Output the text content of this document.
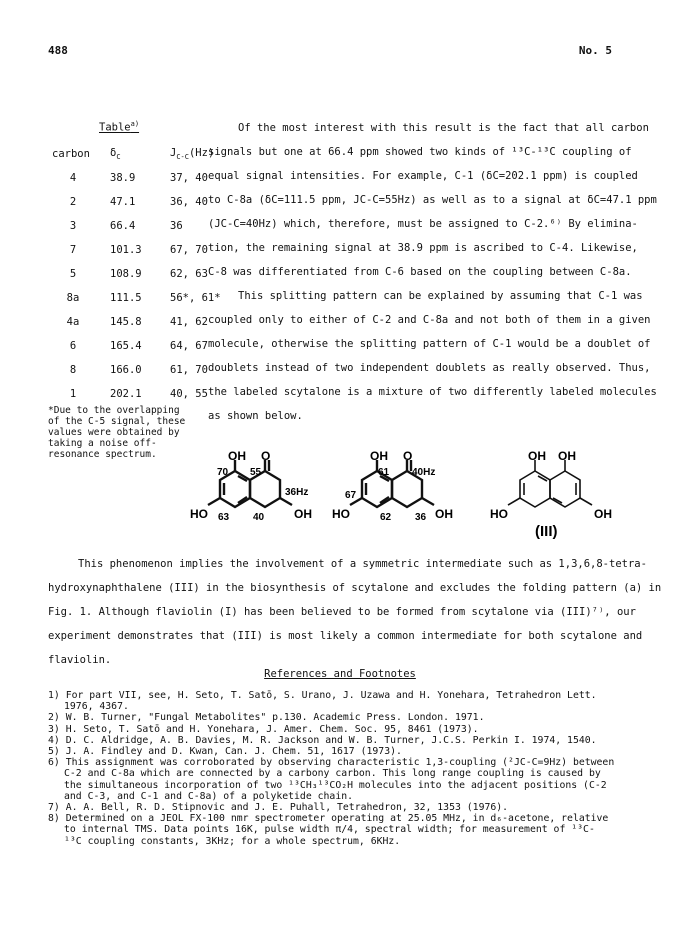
488	No. 5
Table$^{a)}$
carbon	$\delta_C$	$J_{C-C}(Hz)$
4	38.9	37, 40
2	47.1	36, 40
3	66.4	36
7	101.3	67, 70
5	108.9	62, 63
8a	111.5	56*, 61*
4a	145.8	41, 62
6	165.4	64, 67
8	166.0	61, 70
1	202.1	40, 55
*Due to the overlapping
of the C-5 signal, these
values were obtained by
taking a noise off-
resonance spectrum.
Of the most interest with this result is the fact that all carbon
signals but one at 66.4 ppm showed two kinds of ¹³C-¹³C coupling of
equal signal intensities. For example, C-1 (δC=202.1 ppm) is coupled
to C-8a (δC=111.5 ppm, JC-C=55Hz) as well as to a signal at δC=47.1 ppm
(JC-C=40Hz) which, therefore, must be assigned to C-2.⁶⁾ By elimina-
tion, the remaining signal at 38.9 ppm is ascribed to C-4. Likewise,
C-8 was differentiated from C-6 based on the coupling between C-8a.
This splitting pattern can be explained by assuming that C-1 was
coupled only to either of C-2 and C-8a and not both of them in a given
molecule, otherwise the splitting pattern of C-1 would be a doublet of
doublets instead of two independent doublets as really observed. Thus,
the labeled scytalone is a mixture of two differently labeled molecules
as shown below.
OH O
70 55
36Hz
HO 63 40 OH
OH O
61 40Hz
67
HO	62 36 OH
OH OH
HO	OH
(III)
This phenomenon implies the involvement of a symmetric intermediate such as 1,3,6,8-tetra-
hydroxynaphthalene (III) in the biosynthesis of scytalone and excludes the folding pattern (a) in
Fig. 1. Although flaviolin (I) has been believed to be formed from scytalone via (III)⁷⁾, our
experiment demonstrates that (III) is most likely a common intermediate for both scytalone and
flaviolin.
References and Footnotes
1) For part VII, see, H. Seto, T. Satō, S. Urano, J. Uzawa and H. Yonehara, Tetrahedron Lett.
1976, 4367.
2) W. B. Turner, "Fungal Metabolites" p.130. Academic Press. London. 1971.
3) H. Seto, T. Satō and H. Yonehara, J. Amer. Chem. Soc. 95, 8461 (1973).
4) D. C. Aldridge, A. B. Davies, M. R. Jackson and W. B. Turner, J.C.S. Perkin I. 1974, 1540.
5) J. A. Findley and D. Kwan, Can. J. Chem. 51, 1617 (1973).
6) This assignment was corroborated by observing characteristic 1,3-coupling (²JC-C=9Hz) between
C-2 and C-8a which are connected by a carbony carbon. This long range coupling is caused by
the simultaneous incorporation of two ¹³CH₃¹³CO₂H molecules into the adjacent positions (C-2
and C-3, and C-1 and C-8a) of a polyketide chain.
7) A. A. Bell, R. D. Stipnovic and J. E. Puhall, Tetrahedron, 32, 1353 (1976).
8) Determined on a JEOL FX-100 nmr spectrometer operating at 25.05 MHz, in d₆-acetone, relative
to internal TMS. Data points 16K, pulse width π/4, spectral width; for measurement of ¹³C-
¹³C coupling constants, 3KHz; for a whole spectrum, 6KHz.
